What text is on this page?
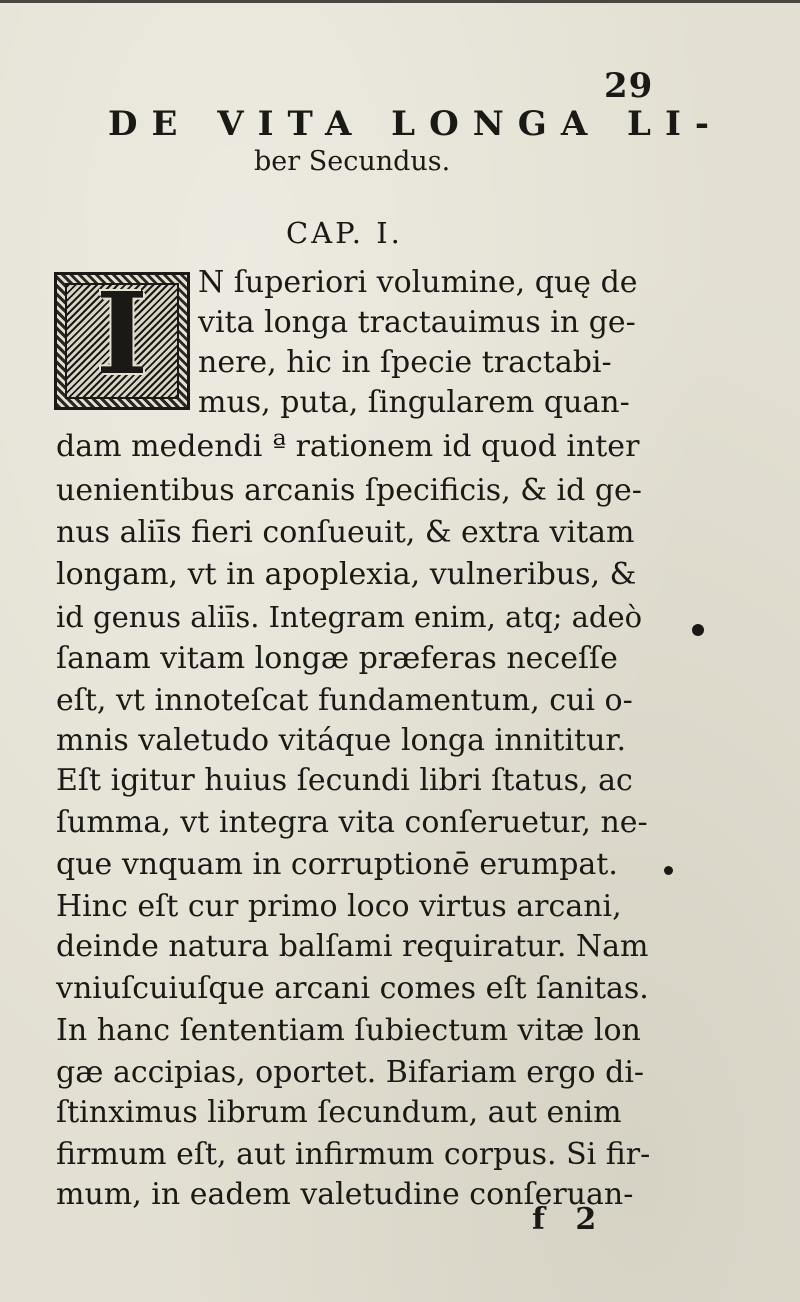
29
DE VITA LONGA LI-
ber Secundus.
CAP. I.
I	N ſuperiori volumine, quę de
vita longa tractauimus in ge-
nere, hic in ſpecie tractabi-
mus, puta, ſingularem quan-
dam medendi ª rationem id quod inter
uenientibus arcanis ſpecificis, & id ge-
nus aliīs fieri conſueuit, & extra vitam
longam, vt in apoplexia, vulneribus, &
id genus aliīs. Integram enim, atq; adeò
ſanam vitam longæ præferas neceſſe
eſt, vt innoteſcat fundamentum, cui o-
mnis valetudo vitáque longa innititur.
Eſt igitur huius ſecundi libri ſtatus, ac
ſumma, vt integra vita conſeruetur, ne-
que vnquam in corruptionē erumpat.
Hinc eſt cur primo loco virtus arcani,
deinde natura balſami requiratur. Nam
vniuſcuiuſque arcani comes eſt ſanitas.
In hanc ſententiam ſubiectum vitæ lon
gæ accipias, oportet. Bifariam ergo di-
ſtinximus librum ſecundum, aut enim
firmum eſt, aut infirmum corpus. Si fir-
mum, in eadem valetudine conſeruan-
f 2
